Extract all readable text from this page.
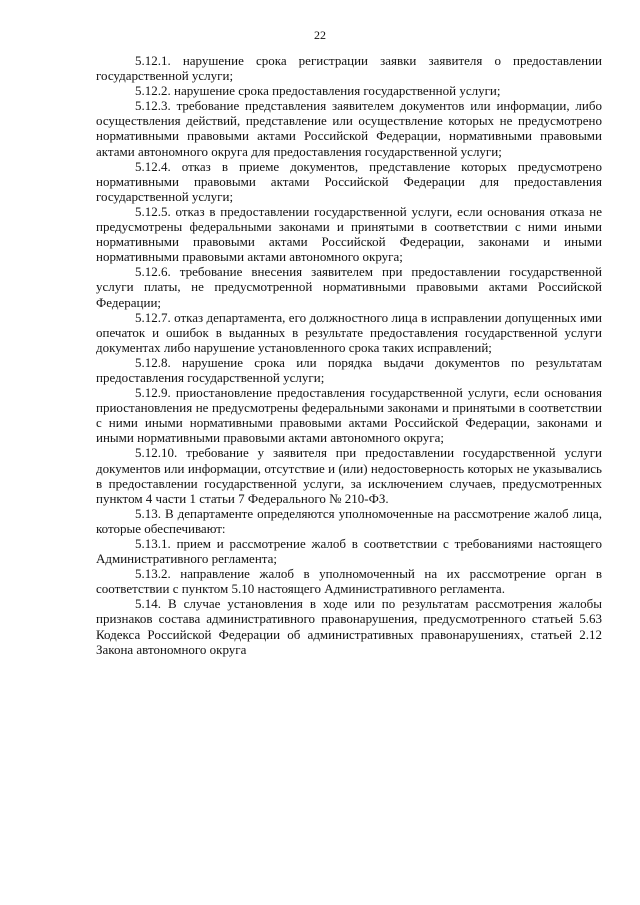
22

5.12.1. нарушение срока регистрации заявки заявителя о предоставлении государственной услуги;

5.12.2. нарушение срока предоставления государственной услуги;

5.12.3. требование представления заявителем документов или информации, либо осуществления действий, представление или осуществление которых не предусмотрено нормативными правовыми актами Российской Федерации, нормативными правовыми актами автономного округа для предоставления государственной услуги;

5.12.4. отказ в приеме документов, представление которых предусмотрено нормативными правовыми актами Российской Федерации для предоставления государственной услуги;

5.12.5. отказ в предоставлении государственной услуги, если основания отказа не предусмотрены федеральными законами и принятыми в соответствии с ними иными нормативными правовыми актами Российской Федерации, законами и иными нормативными правовыми актами автономного округа;

5.12.6. требование внесения заявителем при предоставлении государственной услуги платы, не предусмотренной нормативными правовыми актами Российской Федерации;

5.12.7. отказ департамента, его должностного лица в исправлении допущенных ими опечаток и ошибок в выданных в результате предоставления государственной услуги документах либо нарушение установленного срока таких исправлений;

5.12.8. нарушение срока или порядка выдачи документов по результатам предоставления государственной услуги;

5.12.9. приостановление предоставления государственной услуги, если основания приостановления не предусмотрены федеральными законами и принятыми в соответствии с ними иными нормативными правовыми актами Российской Федерации, законами и иными нормативными правовыми актами автономного округа;

5.12.10. требование у заявителя при предоставлении государственной услуги документов или информации, отсутствие и (или) недостоверность которых не указывались в предоставлении государственной услуги, за исключением случаев, предусмотренных пунктом 4 части 1 статьи 7 Федерального № 210-ФЗ.

5.13. В департаменте определяются уполномоченные на рассмотрение жалоб лица, которые обеспечивают:

5.13.1. прием и рассмотрение жалоб в соответствии с требованиями настоящего Административного регламента;

5.13.2. направление жалоб в уполномоченный на их рассмотрение орган в соответствии с пунктом 5.10 настоящего Административного регламента.

5.14. В случае установления в ходе или по результатам рассмотрения жалобы признаков состава административного правонарушения, предусмотренного статьей 5.63 Кодекса Российской Федерации об административных правонарушениях, статьей 2.12 Закона автономного округа
